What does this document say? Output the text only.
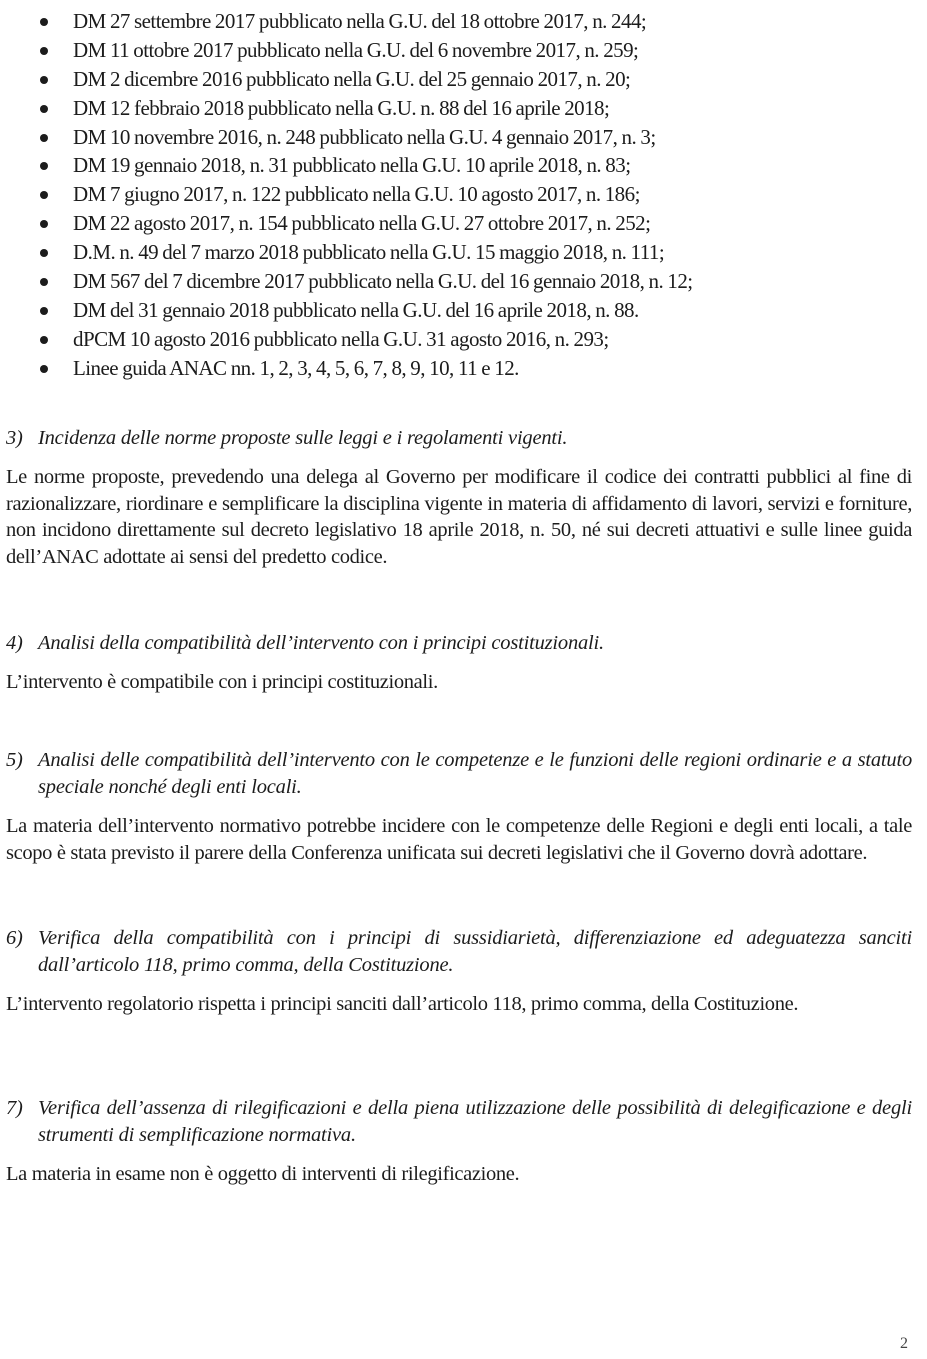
DM 27 settembre 2017 pubblicato nella G.U. del 18 ottobre 2017, n. 244;
DM 11 ottobre 2017 pubblicato nella G.U. del 6 novembre 2017, n. 259;
DM 2 dicembre 2016 pubblicato nella G.U. del 25 gennaio 2017, n. 20;
DM 12 febbraio 2018 pubblicato nella G.U. n. 88 del 16 aprile 2018;
DM 10 novembre 2016, n. 248 pubblicato nella G.U. 4 gennaio 2017, n. 3;
DM 19 gennaio 2018, n. 31 pubblicato nella G.U. 10 aprile 2018, n. 83;
DM 7 giugno 2017, n. 122 pubblicato nella G.U. 10 agosto 2017, n. 186;
DM 22 agosto 2017, n. 154 pubblicato nella G.U. 27 ottobre 2017, n. 252;
D.M. n. 49 del 7 marzo 2018 pubblicato nella G.U. 15 maggio 2018, n. 111;
DM 567 del 7 dicembre 2017 pubblicato nella G.U. del 16 gennaio 2018, n. 12;
DM del 31 gennaio 2018 pubblicato nella G.U. del 16 aprile 2018, n. 88.
dPCM 10 agosto 2016 pubblicato nella G.U. 31 agosto 2016, n. 293;
Linee guida ANAC nn. 1, 2, 3, 4, 5, 6, 7, 8, 9, 10, 11 e 12.
3) Incidenza delle norme proposte sulle leggi e i regolamenti vigenti.
Le norme proposte, prevedendo una delega al Governo per modificare il codice dei contratti pubblici al fine di razionalizzare, riordinare e semplificare la disciplina vigente in materia di affidamento di lavori, servizi e forniture, non incidono direttamente sul decreto legislativo 18 aprile 2018, n. 50, né sui decreti attuativi e sulle linee guida dell’ANAC adottate ai sensi del predetto codice.
4) Analisi della compatibilità dell’intervento con i principi costituzionali.
L’intervento è compatibile con i principi costituzionali.
5) Analisi delle compatibilità dell’intervento con le competenze e le funzioni delle regioni ordinarie e a statuto speciale nonché degli enti locali.
La materia dell’intervento normativo potrebbe incidere con le competenze delle Regioni e degli enti locali, a tale scopo è stata previsto il parere della Conferenza unificata sui decreti legislativi che il Governo dovrà adottare.
6) Verifica della compatibilità con i principi di sussidiarietà, differenziazione ed adeguatezza sanciti dall’articolo 118, primo comma, della Costituzione.
L’intervento regolatorio rispetta i principi sanciti dall’articolo 118, primo comma, della Costituzione.
7) Verifica dell’assenza di rilegificazioni e della piena utilizzazione delle possibilità di delegificazione e degli strumenti di semplificazione normativa.
La materia in esame non è oggetto di interventi di rilegificazione.
2
